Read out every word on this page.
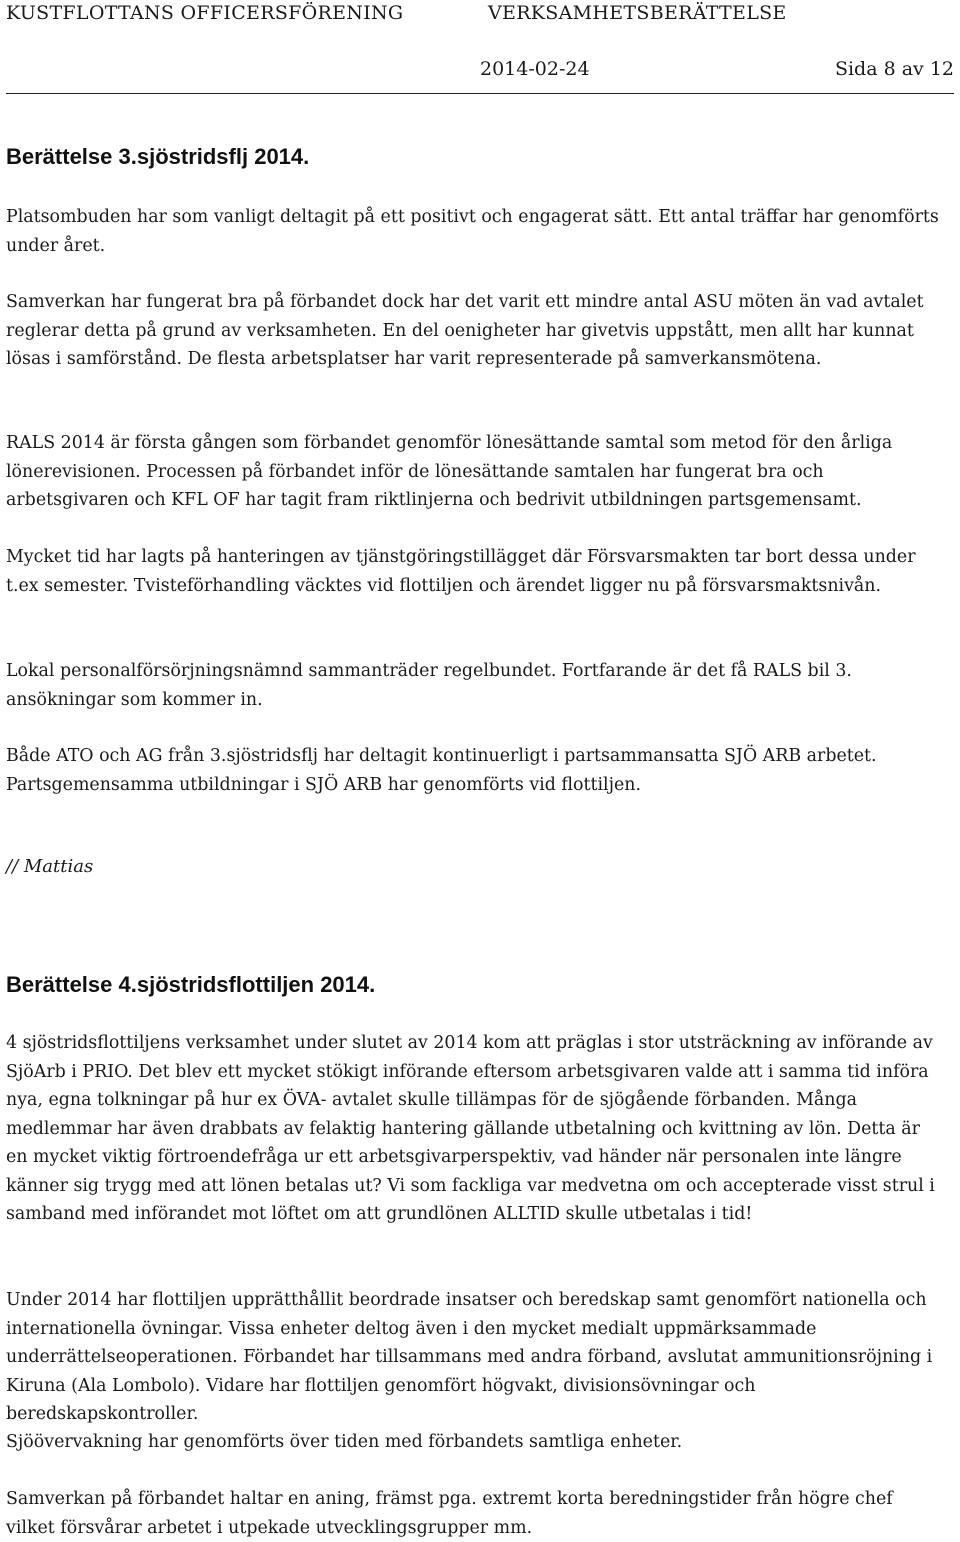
KUSTFLOTTANS OFFICERSFÖRENING	VERKSAMHETSBERÄTTELSE
2014-02-24	Sida 8 av 12
Berättelse 3.sjöstridsflj 2014.

Platsombuden har som vanligt deltagit på ett positivt och engagerat sätt. Ett antal träffar har genomförts under året.

Samverkan har fungerat bra på förbandet dock har det varit ett mindre antal ASU möten än vad avtalet reglerar detta på grund av verksamheten. En del oenigheter har givetvis uppstått, men allt har kunnat lösas i samförstånd. De flesta arbetsplatser har varit representerade på samverkansmötena.

RALS 2014 är första gången som förbandet genomför lönesättande samtal som metod för den årliga lönerevisionen. Processen på förbandet inför de lönesättande samtalen har fungerat bra och arbetsgivaren och KFL OF har tagit fram riktlinjerna och bedrivit utbildningen partsgemensamt.

Mycket tid har lagts på hanteringen av tjänstgöringstillägget där Försvarsmakten tar bort dessa under t.ex semester. Tvisteförhandling väcktes vid flottiljen och ärendet ligger nu på försvarsmaktsnivån.

Lokal personalförsörjningsnämnd sammanträder regelbundet. Fortfarande är det få RALS bil 3. ansökningar som kommer in.

Både ATO och AG från 3.sjöstridsflj har deltagit kontinuerligt i partsammansatta SJÖ ARB arbetet. Partsgemensamma utbildningar i SJÖ ARB har genomförts vid flottiljen.

// Mattias
Berättelse 4.sjöstridsflottiljen 2014.

4 sjöstridsflottiljens verksamhet under slutet av 2014 kom att präglas i stor utsträckning av införande av SjöArb i PRIO. Det blev ett mycket stökigt införande eftersom arbetsgivaren valde att i samma tid införa nya, egna tolkningar på hur ex ÖVA- avtalet skulle tillämpas för de sjögående förbanden. Många medlemmar har även drabbats av felaktig hantering gällande utbetalning och kvittning av lön. Detta är en mycket viktig förtroendefråga ur ett arbetsgivarperspektiv, vad händer när personalen inte längre känner sig trygg med att lönen betalas ut? Vi som fackliga var medvetna om och accepterade visst strul i samband med införandet mot löftet om att grundlönen ALLTID skulle utbetalas i tid!

Under 2014 har flottiljen upprätthållit beordrade insatser och beredskap samt genomfört nationella och internationella övningar. Vissa enheter deltog även i den mycket medialt uppmärksammade underrättelseoperationen. Förbandet har tillsammans med andra förband, avslutat ammunitionsröjning i Kiruna (Ala Lombolo). Vidare har flottiljen genomfört högvakt, divisionsövningar och beredskapskontroller.

Sjöövervakning har genomförts över tiden med förbandets samtliga enheter.

Samverkan på förbandet haltar en aning, främst pga. extremt korta beredningstider från högre chef vilket försvårar arbetet i utpekade utvecklingsgrupper mm.
